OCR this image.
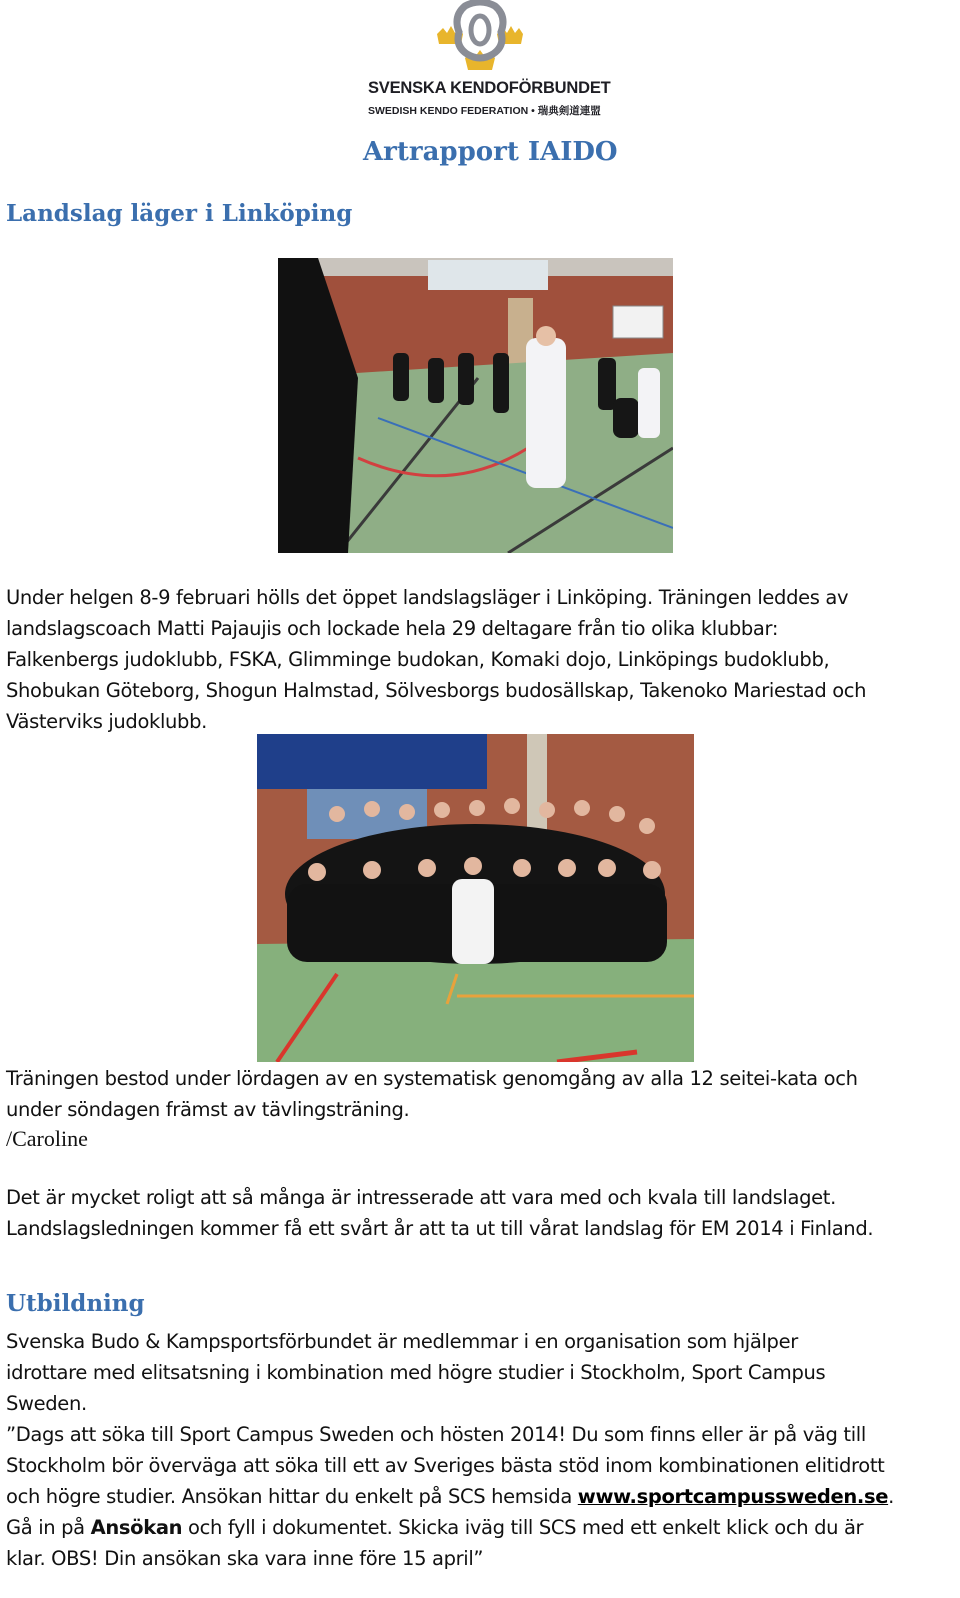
SVENSKA KENDOFÖRBUNDET
SWEDISH KENDO FEDERATION • 瑞典剣道連盟
Artrapport IAIDO
Landslag läger i Linköping

Under helgen 8-9 februari hölls det öppet landslagsläger i Linköping. Träningen leddes av

landslagscoach Matti Pajaujis och lockade hela 29 deltagare från tio olika klubbar:

Falkenbergs judoklubb, FSKA, Glimminge budokan, Komaki dojo, Linköpings budoklubb,

Shobukan Göteborg, Shogun Halmstad, Sölvesborgs budosällskap, Takenoko Mariestad och

Västerviks judoklubb.

Träningen bestod under lördagen av en systematisk genomgång av alla 12 seitei-kata och

under söndagen främst av tävlingsträning.

/Caroline

Det är mycket roligt att så många är intresserade att vara med och kvala till landslaget.

Landslagsledningen kommer få ett svårt år att ta ut till vårat landslag för EM 2014 i Finland.

Utbildning

Svenska Budo & Kampsportsförbundet är medlemmar i en organisation som hjälper

idrottare med elitsatsning i kombination med högre studier i Stockholm, Sport Campus

Sweden.

”Dags att söka till Sport Campus Sweden och hösten 2014! Du som finns eller är på väg till

Stockholm bör överväga att söka till ett av Sveriges bästa stöd inom kombinationen elitidrott

och högre studier. Ansökan hittar du enkelt på SCS hemsida www.sportcampussweden.se.

Gå in på Ansökan och fyll i dokumentet. Skicka iväg till SCS med ett enkelt klick och du är

klar. OBS! Din ansökan ska vara inne före 15 april”
